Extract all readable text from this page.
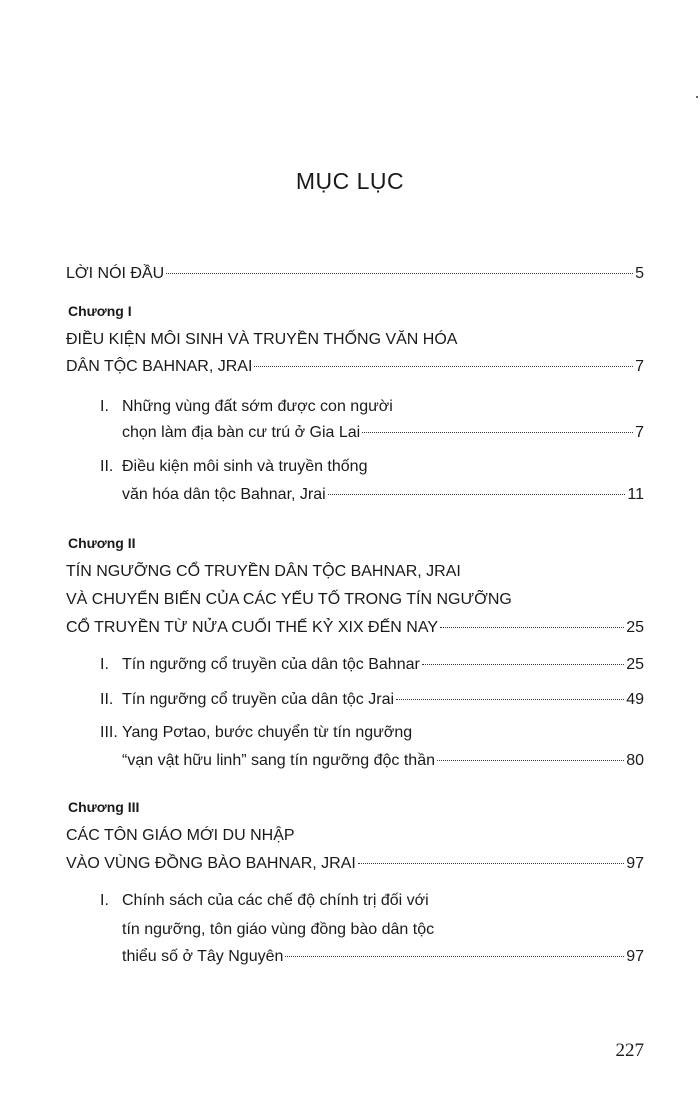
MỤC LỤC
LỜI NÓI ĐẦU	5
Chương I
ĐIỀU KIỆN MÔI SINH VÀ TRUYỀN THỐNG VĂN HÓA
DÂN TỘC BAHNAR, JRAI	7
I. Những vùng đất sớm được con người
chọn làm địa bàn cư trú ở Gia Lai	7
II. Điều kiện môi sinh và truyền thống
văn hóa dân tộc Bahnar, Jrai	11
Chương II
TÍN NGƯỠNG CỔ TRUYỀN DÂN TỘC BAHNAR, JRAI
VÀ CHUYỂN BIẾN CỦA CÁC YẾU TỐ TRONG TÍN NGƯỠNG
CỔ TRUYỀN TỪ NỬA CUỐI THẾ KỶ XIX ĐẾN NAY	25
I. Tín ngưỡng cổ truyền của dân tộc Bahnar	25
II. Tín ngưỡng cổ truyền của dân tộc Jrai	49
III. Yang Pơtao, bước chuyển từ tín ngưỡng
“vạn vật hữu linh” sang tín ngưỡng độc thần	80
Chương III
CÁC TÔN GIÁO MỚI DU NHẬP
VÀO VÙNG ĐỒNG BÀO BAHNAR, JRAI	97
I. Chính sách của các chế độ chính trị đối với
tín ngưỡng, tôn giáo vùng đồng bào dân tộc
thiểu số ở Tây Nguyên	97
227
